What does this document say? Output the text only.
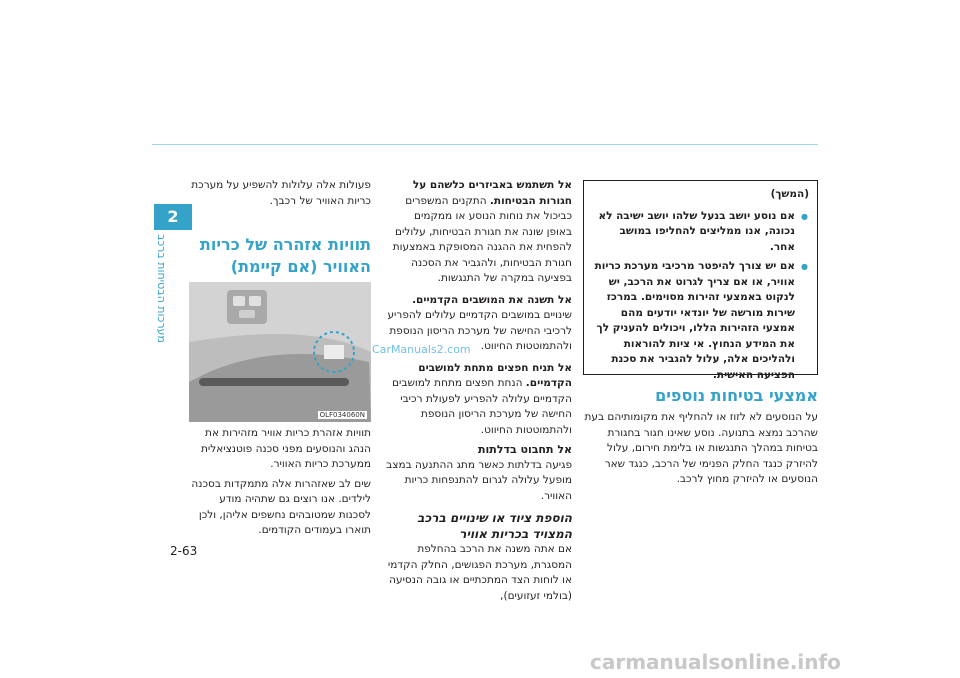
2
מערכות הבטיחות ברכב
2-63

(המשך)

● אם נוסע יושב בנעל שלהו יושב ישיבה לא נכונה, אנו ממליצים להחליפו במושב אחר.
● אם יש צורך להיפטר מרכיבי מערכת כריות אוויר, או אם צריך לגרוט את הרכב, יש לנקוט באמצעי זהירות מסוימים. במרכז שירות מורשה של יונדאי יודעים מהם אמצעי הזהירות הללו, ויכולים להעניק לך את המידע הנחוץ. אי ציות להוראות ולהליכים אלה, עלול להגביר את סכנת הפציעה האישית.
אמצעי בטיחות נוספים

על הנוסעים לא לזוז או להחליף את מקומותיהם בעת שהרכב נמצא בתנועה. נוסע שאינו חגור בחגורת בטיחות במהלך התנגשות או בלימת חירום, עלול להיזרק כנגד החלק הפנימי של הרכב, כנגד שאר הנוסעים או להיזרק מחוץ לרכב.

אל תשתמש באביזרים כלשהם על חגורות הבטיחות. התקנים המשפרים כביכול את נוחות הנוסע או ממקמים באופן שונה את חגורת הבטיחות, עלולים להפחית את ההגנה המסופקת באמצעות חגורת הבטיחות, ולהגביר את הסכנה בפציעה במקרה של התנגשות.

אל תשנה את המושבים הקדמיים. שינויים במושבים הקדמיים עלולים להפריע לרכיבי החישה של מערכת הריסון הנוספת ולהתמוטטות החיווט.

אל תניח חפצים מתחת למושבים הקדמיים. הנחת חפצים מתחת למושבים הקדמיים עלולה להפריע לפעולת רכיבי החישה של מערכת הריסון הנוספת ולהתמוטטות החיווט.

אל תחבוט בדלתות

פגיעה בדלתות כאשר מתג ההתנעה במצב מופעל עלולה לגרום להתנפחות כריות האוויר.

הוספת ציוד או שינויים ברכב המצויד בכריות אוויר

אם אתה משנה את הרכב בהחלפת המסגרת, מערכת הפגושים, החלק הקדמי או לוחות הצד המתכתיים או גובה הנסיעה (בולמי זעזועים),

פעולות אלה עלולות להשפיע על מערכת כריות האוויר של רכבך.

תוויות אזהרה של כריות
האוויר (אם קיימת)
OLF034060N

תוויות אזהרת כריות אוויר מזהירות את הנהג והנוסעים מפני סכנה פוטנציאלית ממערכת כריות האוויר.

שים לב שאזהרות אלה מתמקדות בסכנה לילדים. אנו רוצים גם שתהיה מודע לסכנות שמטובהים נחשפים אליהן, ולכן תוארו בעמודים הקודמים.

CarManuals2.com
carmanualsonline.info
